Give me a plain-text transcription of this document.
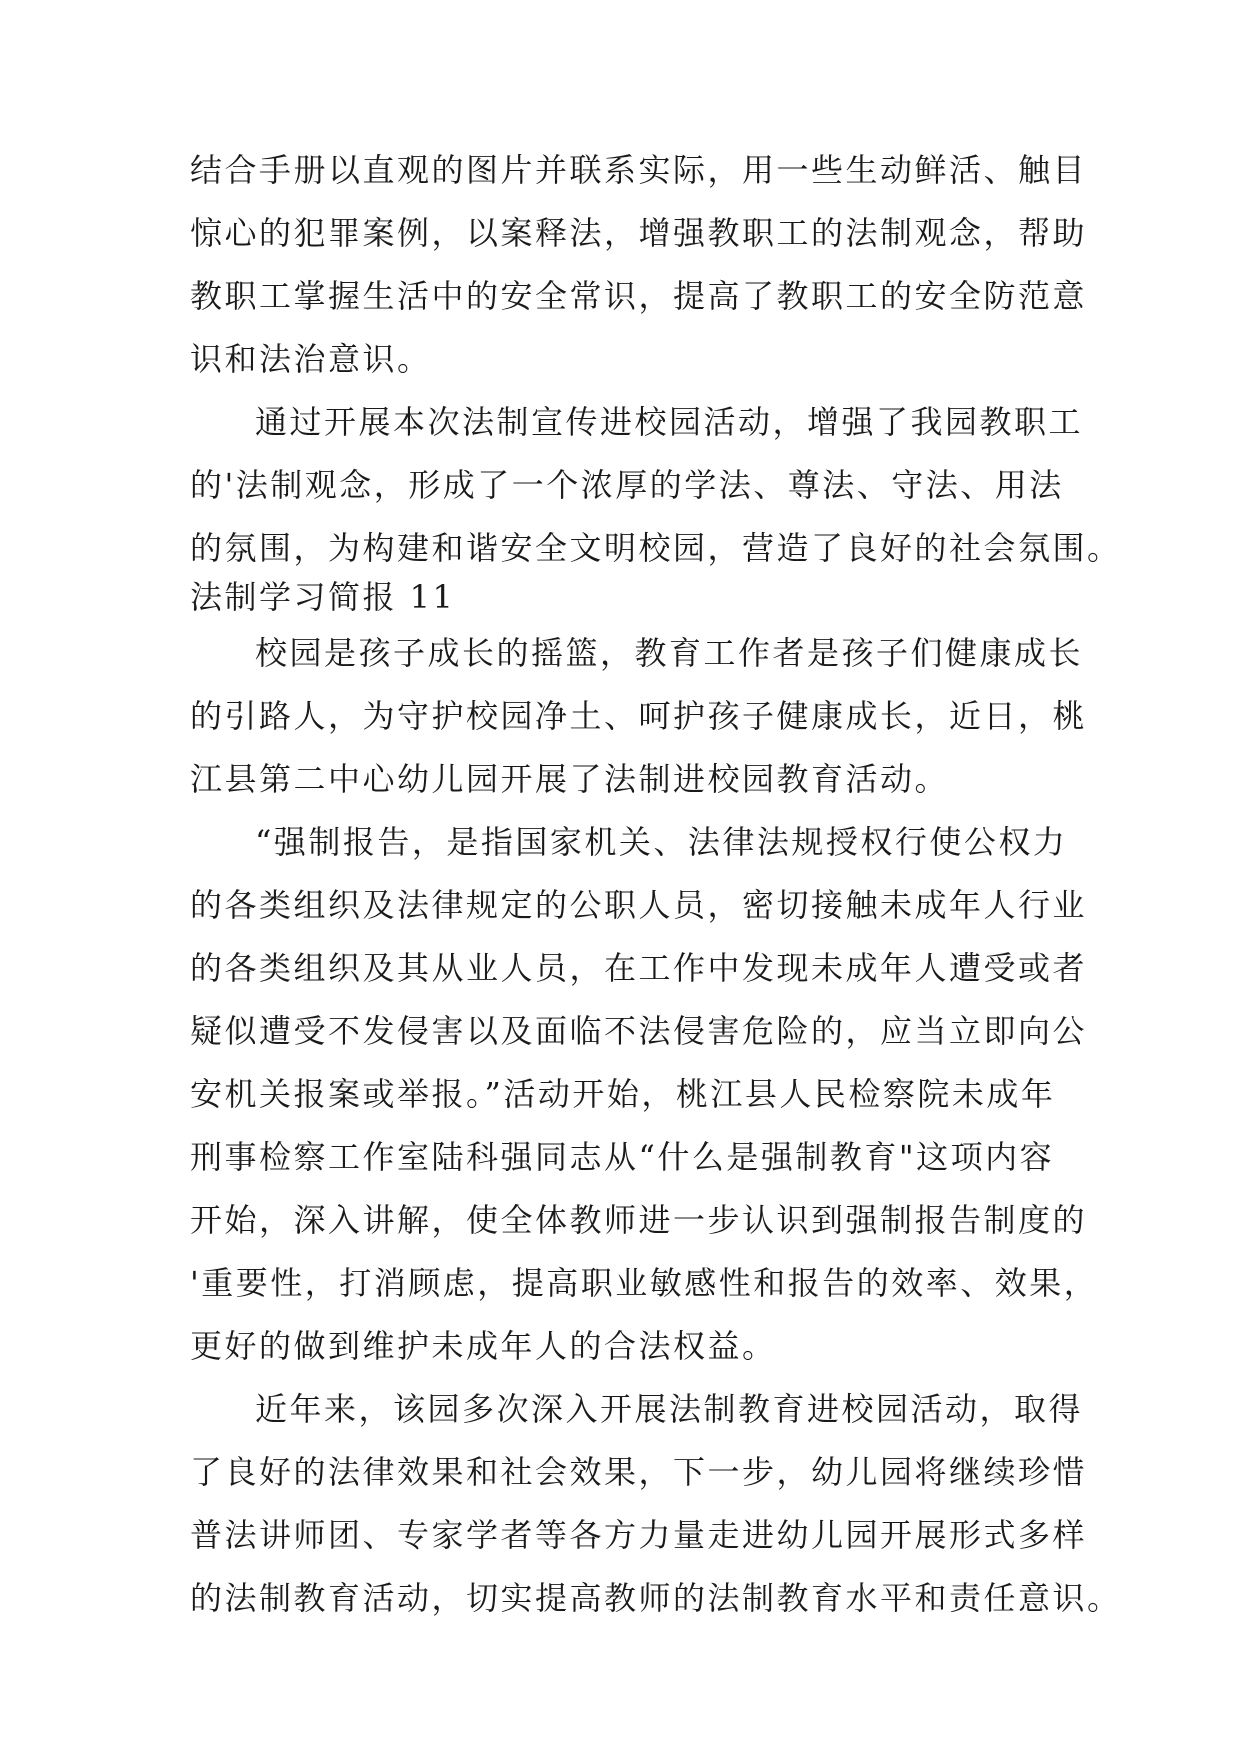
结合手册以直观的图片并联系实际，用一些生动鲜活、触目
惊心的犯罪案例，以案释法，增强教职工的法制观念，帮助
教职工掌握生活中的安全常识，提高了教职工的安全防范意
识和法治意识。
通过开展本次法制宣传进校园活动，增强了我园教职工
的'法制观念，形成了一个浓厚的学法、尊法、守法、用法
的氛围，为构建和谐安全文明校园，营造了良好的社会氛围。
法制学习简报 11
校园是孩子成长的摇篮，教育工作者是孩子们健康成长
的引路人，为守护校园净土、呵护孩子健康成长，近日，桃
江县第二中心幼儿园开展了法制进校园教育活动。
“强制报告，是指国家机关、法律法规授权行使公权力
的各类组织及法律规定的公职人员，密切接触未成年人行业
的各类组织及其从业人员，在工作中发现未成年人遭受或者
疑似遭受不发侵害以及面临不法侵害危险的，应当立即向公
安机关报案或举报。”活动开始，桃江县人民检察院未成年
刑事检察工作室陆科强同志从“什么是强制教育"这项内容
开始，深入讲解，使全体教师进一步认识到强制报告制度的
'重要性，打消顾虑，提高职业敏感性和报告的效率、效果，
更好的做到维护未成年人的合法权益。
近年来，该园多次深入开展法制教育进校园活动，取得
了良好的法律效果和社会效果，下一步，幼儿园将继续珍惜
普法讲师团、专家学者等各方力量走进幼儿园开展形式多样
的法制教育活动，切实提高教师的法制教育水平和责任意识。
